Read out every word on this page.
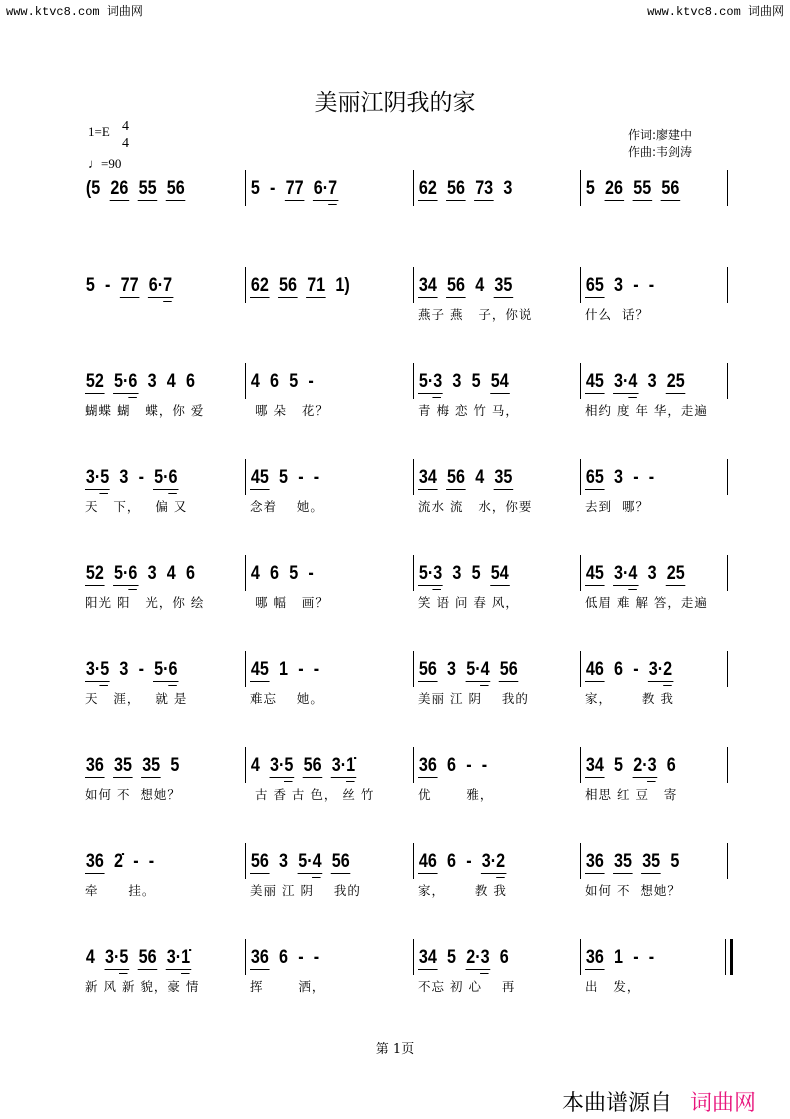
www.ktvc8.com 词曲网	www.ktvc8.com 词曲网
美丽江阴我的家
1=E 4
4
♩=90
作词:廖建中
作曲:韦剑涛
(5 26 55 56	5 - 77 6·7	62 56 73 3	5 26 55 56
5 - 77 6·7	62 56 71 1)	34 56 4 35
燕子 燕   子，你说
65 3 - -
什么  话？
52 5·6 3 4 6
蝴蝶 蝴   蝶，你 爱
4 6 5 -
哪 朵   花？
5·3 3 5 54
青 梅 恋 竹 马，
45 3·4 3 25
相约 度 年 华，走遍
3·5 3 - 5·6
天   下，   偏 又
45 5 - -
念着    她。
34 56 4 35
流水 流   水，你要
65 3 - -
去到  哪？
52 5·6 3 4 6
阳光 阳   光，你 绘
4 6 5 -
哪 幅   画？
5·3 3 5 54
笑 语 问 春 风，
45 3·4 3 25
低眉 难 解 答，走遍
3·5 3 - 5·6
天   涯，   就 是
45 1 - -
难忘    她。
56 3 5·4 56
美丽 江 阴    我的
46 6 - 3·2
家，      教 我
36 35 35 5
如何 不  想她？
4 3·5 56 3·1̇
古 香 古 色， 丝 竹
36 6 - -
优       雅，
34 5 2·3 6
相思 红 豆   寄
36 2̇ - -
牵      挂。
56 3 5·4 56
美丽 江 阴    我的
46 6 - 3·2
家，      教 我
36 35 35 5
如何 不  想她？
4 3·5 56 3·1̇
新 风 新 貌，豪 情
36 6 - -
挥       洒，
34 5 2·3 6
不忘 初 心    再
36 1 - -
出   发，
第 1页
本曲谱源自 词曲网
